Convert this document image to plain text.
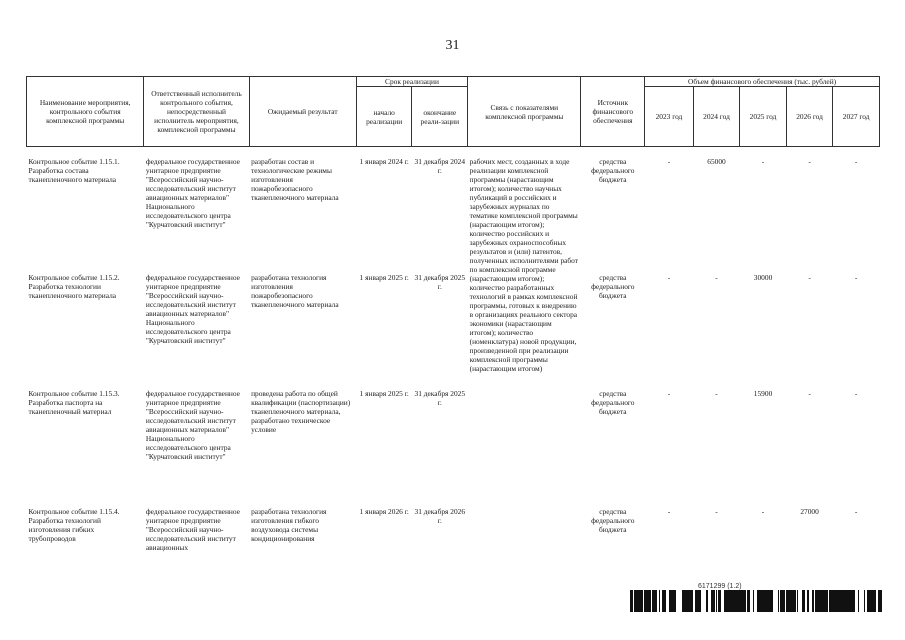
31
Наименование мероприятия, контрольного события комплексной программы	Ответственный исполнитель контрольного события, непосредственный исполнитель мероприятия, комплексной программы	Ожидаемый результат	Срок реализации		Связь с показателями комплексной программы	Источник финансового обеспечения	Объем финансового обеспечения (тыс. рублей)				
			начало реализации	окончание реали-зации			2023 год	2024 год	2025 год	2026 год	2027 год

Контрольное событие 1.15.1. Разработка состава тканепленочного материала	федеральное государственное унитарное предприятие "Всероссийский научно-исследовательский институт авиационных материалов" Национального исследовательского центра "Курчатовский институт"	разработан состав и технологические режимы изготовления пожаробезопасного тканепленочного материала	1 января 2024 г.	31 декабря 2024 г.	рабочих мест, созданных в ходе реализации комплексной программы (нарастающим итогом); количество научных публикаций в российских и зарубежных журналах по тематике комплексной программы (нарастающим итогом); количество российских и зарубежных охраноспособных результатов и (или) патентов, полученных исполнителями работ по комплексной программе (нарастающим итогом); количество разработанных технологий в рамках комплексной программы, готовых к внедрению в организациях реального сектора экономики (нарастающим итогом); количество (номенклатура) новой продукции, произведенной при реализации комплексной программы (нарастающим итогом)	средства федерального бюджета	-	65000	-	-	-
Контрольное событие 1.15.2. Разработка технологии тканепленочного материала	федеральное государственное унитарное предприятие "Всероссийский научно-исследовательский институт авиационных материалов" Национального исследовательского центра "Курчатовский институт"	разработана технология изготовления пожаробезопасного тканепленочного материала	1 января 2025 г.	31 декабря 2025 г.		средства федерального бюджета	-	-	30000	-	-
Контрольное событие 1.15.3. Разработка паспорта на тканепленочный материал	федеральное государственное унитарное предприятие "Всероссийский научно-исследовательский институт авиационных материалов" Национального исследовательского центра "Курчатовский институт"	проведена работа по общей квалификации (паспортизации) тканепленочного материала, разработано техническое условие	1 января 2025 г.	31 декабря 2025 г.		средства федерального бюджета	-	-	15900	-	-
Контрольное событие 1.15.4. Разработка технологий изготовления гибких трубопроводов	федеральное государственное унитарное предприятие "Всероссийский научно-исследовательский институт авиационных	разработана технология изготовления гибкого воздуховода системы кондиционирования	1 января 2026 г.	31 декабря 2026 г.		средства федерального бюджета	-	-	-	27000	-
6171299 (1.2)
